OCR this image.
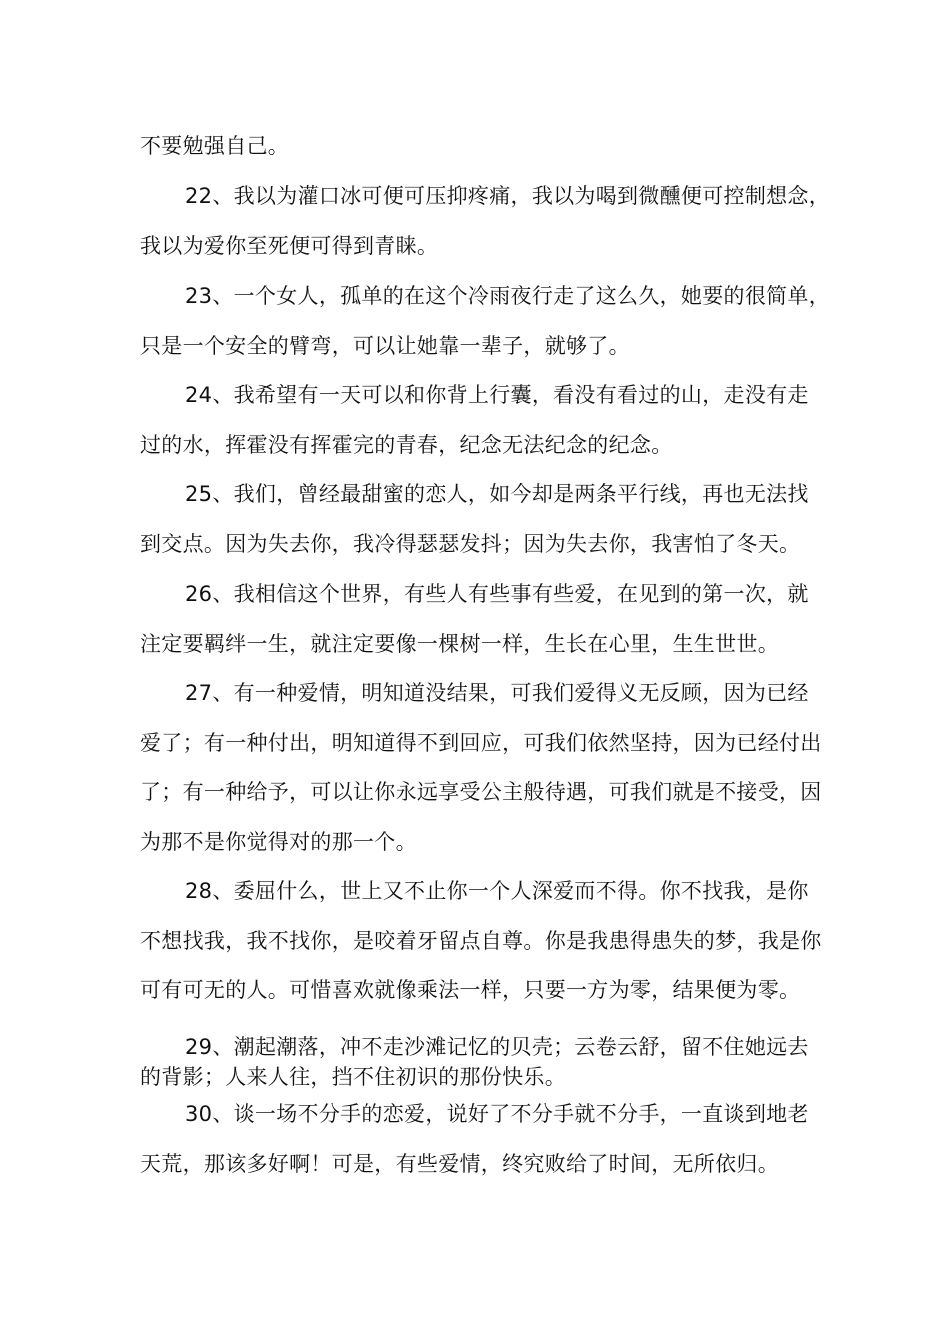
不要勉强自己。
22、我以为灌口冰可便可压抑疼痛，我以为喝到微醺便可控制想念，
我以为爱你至死便可得到青睐。
23、一个女人，孤单的在这个冷雨夜行走了这么久，她要的很简单，
只是一个安全的臂弯，可以让她靠一辈子，就够了。
24、我希望有一天可以和你背上行囊，看没有看过的山，走没有走
过的水，挥霍没有挥霍完的青春，纪念无法纪念的纪念。
25、我们，曾经最甜蜜的恋人，如今却是两条平行线，再也无法找
到交点。因为失去你，我冷得瑟瑟发抖；因为失去你，我害怕了冬天。
26、我相信这个世界，有些人有些事有些爱，在见到的第一次，就
注定要羁绊一生，就注定要像一棵树一样，生长在心里，生生世世。
27、有一种爱情，明知道没结果，可我们爱得义无反顾，因为已经
爱了；有一种付出，明知道得不到回应，可我们依然坚持，因为已经付出
了；有一种给予，可以让你永远享受公主般待遇，可我们就是不接受，因
为那不是你觉得对的那一个。
28、委屈什么，世上又不止你一个人深爱而不得。你不找我，是你
不想找我，我不找你，是咬着牙留点自尊。你是我患得患失的梦，我是你
可有可无的人。可惜喜欢就像乘法一样，只要一方为零，结果便为零。
29、潮起潮落，冲不走沙滩记忆的贝壳；云卷云舒，留不住她远去
的背影；人来人往，挡不住初识的那份快乐。
30、谈一场不分手的恋爱，说好了不分手就不分手，一直谈到地老
天荒，那该多好啊！可是，有些爱情，终究败给了时间，无所依归。
